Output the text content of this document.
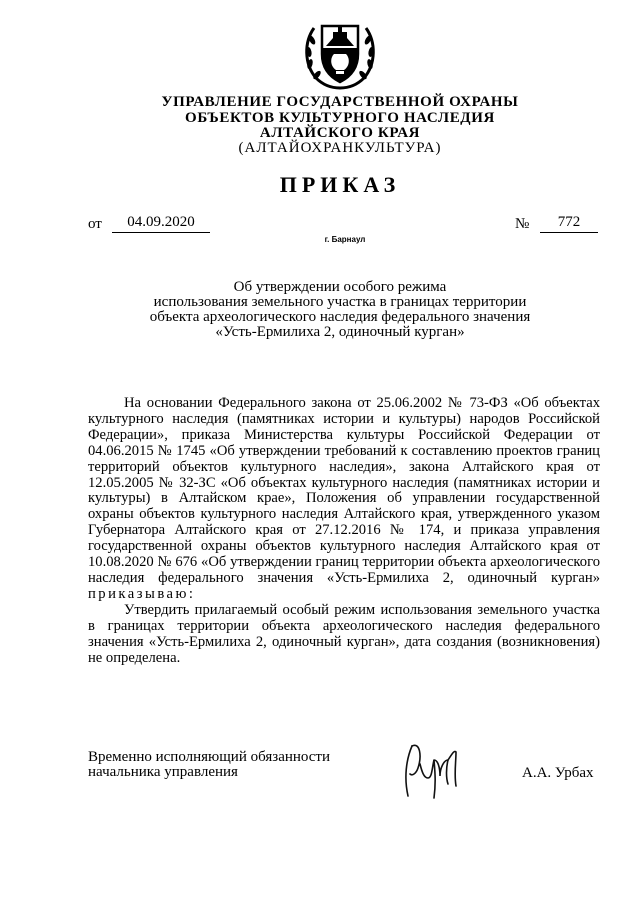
УПРАВЛЕНИЕ ГОСУДАРСТВЕННОЙ ОХРАНЫ
ОБЪЕКТОВ КУЛЬТУРНОГО НАСЛЕДИЯ
АЛТАЙСКОГО КРАЯ
(АЛТАЙОХРАНКУЛЬТУРА)
ПРИКАЗ
от	04.09.2020	№	772
г. Барнаул
Об утверждении особого режима
использования земельного участка в границах территории
объекта археологического наследия федерального значения
«Усть-Ермилиха 2, одиночный курган»

На основании Федерального закона от 25.06.2002 № 73-ФЗ «Об объектах культурного наследия (памятниках истории и культуры) народов Российской Федерации», приказа Министерства культуры Российской Федерации от 04.06.2015 № 1745 «Об утверждении требований к составлению проектов границ территорий объектов культурного наследия», закона Алтайского края от 12.05.2005 № 32-ЗС «Об объектах культурного наследия (памятниках истории и культуры) в Алтайском крае», Положения об управлении государственной охраны объектов культурного наследия Алтайского края, утвержденного указом Губернатора Алтайского края от 27.12.2016 № 174, и приказа управления государственной охраны объектов культурного наследия Алтайского края от 10.08.2020 № 676 «Об утверждении границ территории объекта археологического наследия федерального значения «Усть-Ермилиха 2, одиночный курган» приказываю:

Утвердить прилагаемый особый режим использования земельного участка в границах территории объекта археологического наследия федерального значения «Усть-Ермилиха 2, одиночный курган», дата создания (возникновения) не определена.

Временно исполняющий обязанности
начальника управления	А.А. Урбах
